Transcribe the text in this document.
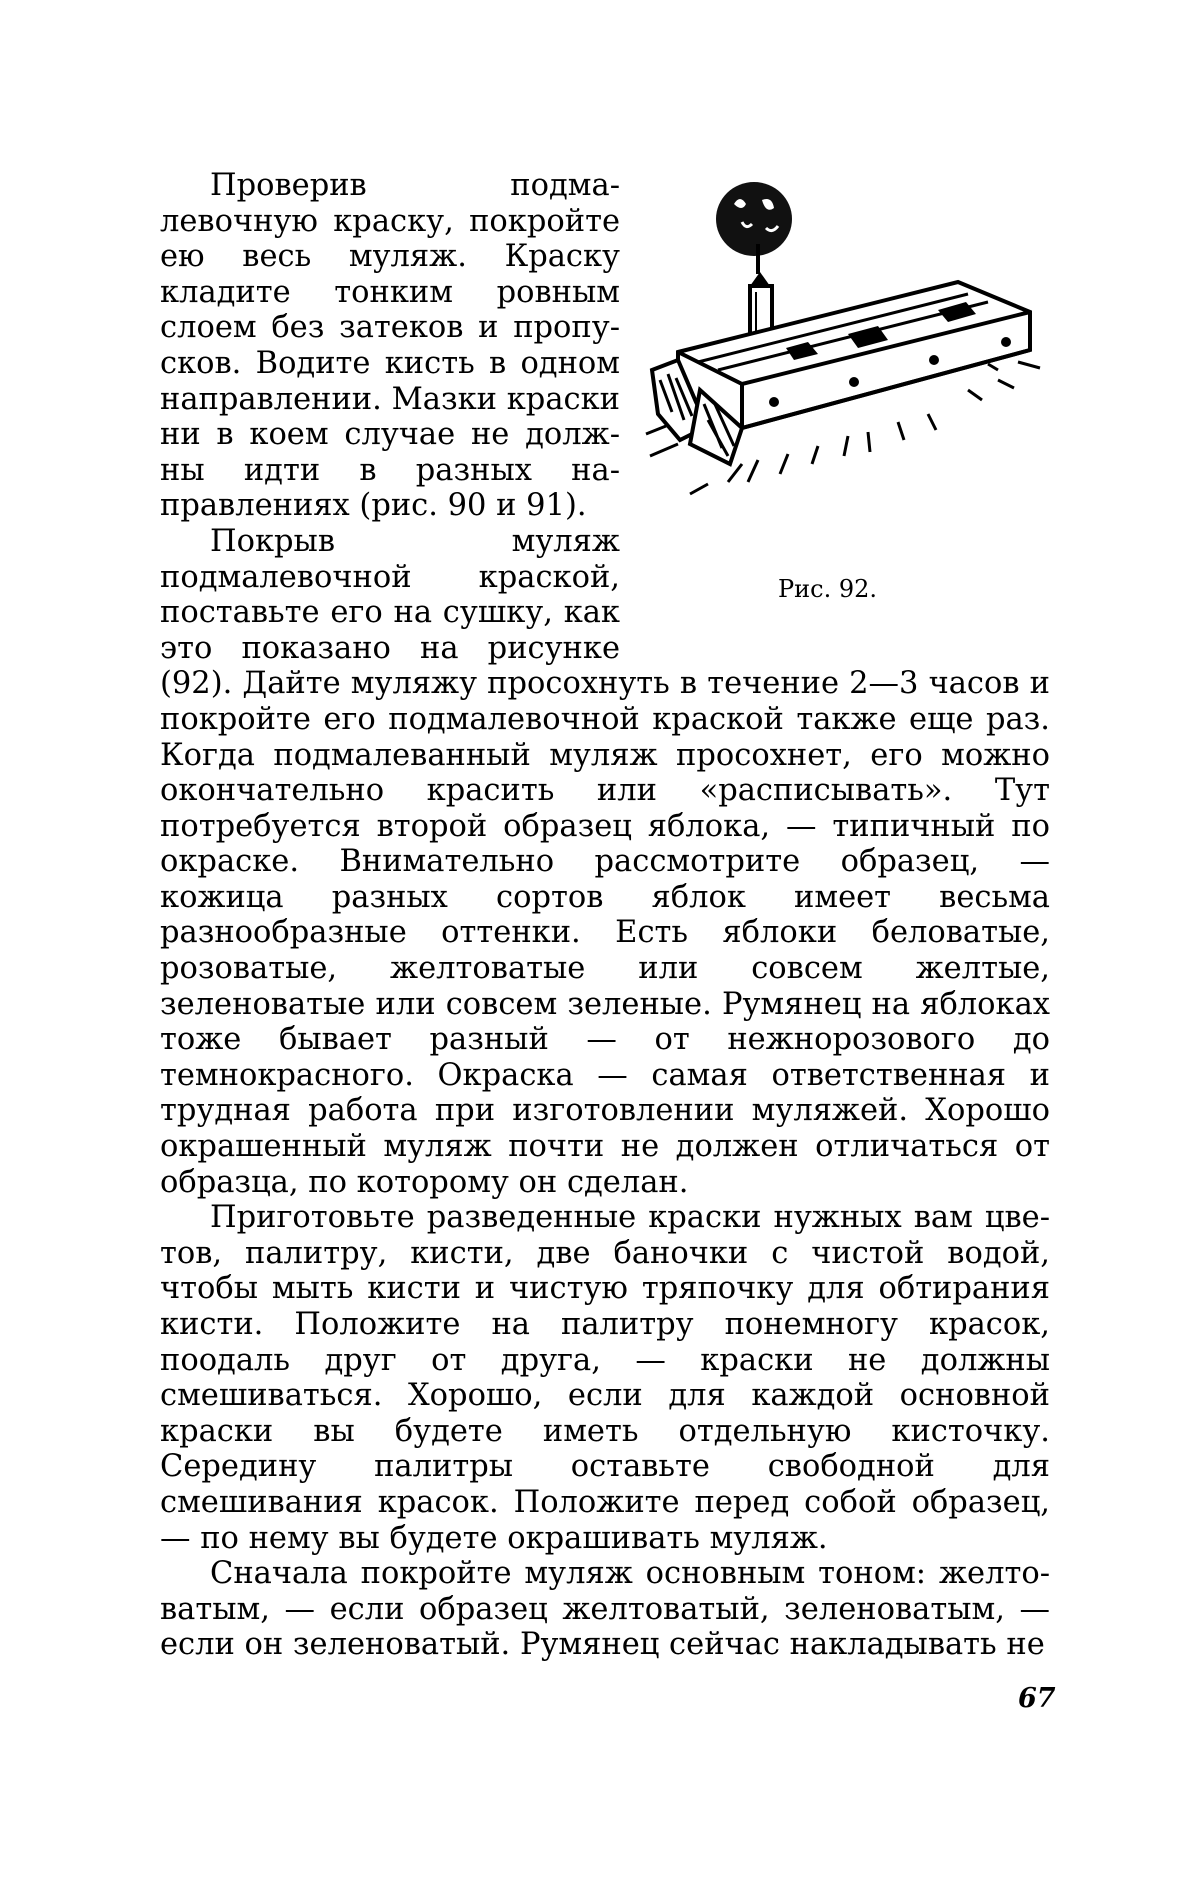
Рис. 92.

Проверив подмалевочную краску, покройте ею весь муляж. Краску кладите тонким ровным слоем без затеков и пропусков. Водите кисть в одном направлении. Мазки краски ни в коем случае не должны идти в разных направлениях (рис. 90 и 91).

Покрыв муляж подмалевочной краской, поставьте его на сушку, как это показано на рисунке (92). Дайте муляжу просохнуть в течение 2—3 часов и покройте его подмалевочной краской также еще раз. Когда подмалеванный муляж просохнет, его можно окончательно красить или «расписывать». Тут потребуется второй образец яблока, — типичный по окраске. Внимательно рассмотрите образец, — кожица разных сортов яблок имеет весьма разнообразные оттенки. Есть яблоки беловатые, розоватые, желтоватые или совсем желтые, зеленоватые или совсем зеленые. Румянец на яблоках тоже бывает разный — от нежнорозового до темнокрасного. Окраска — самая ответственная и трудная работа при изготовлении муляжей. Хорошо окрашенный муляж почти не должен отличаться от образца, по которому он сделан.

Приготовьте разведенные краски нужных вам цветов, палитру, кисти, две баночки с чистой водой, чтобы мыть кисти и чистую тряпочку для обтирания кисти. Положите на палитру понемногу красок, поодаль друг от друга, — краски не должны смешиваться. Хорошо, если для каждой основной краски вы будете иметь отдельную кисточку. Середину палитры оставьте свободной для смешивания красок. Положите перед собой образец, — по нему вы будете окрашивать муляж.

Сначала покройте муляж основным тоном: желтоватым, — если образец желтоватый, зеленоватым, — если он зеленоватый. Румянец сейчас накладывать не

67
